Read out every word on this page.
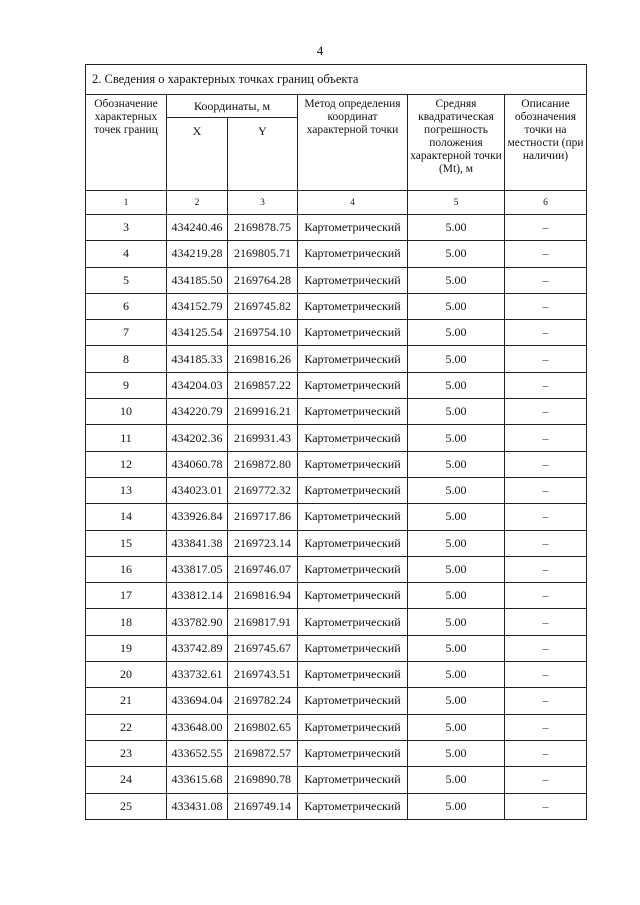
4
2. Сведения о характерных точках границ объекта					
Обозначение характерных точек границ	Координаты, м		Метод определения координат характерной точки	Средняя квадратическая погрешность положения характерной точки (Mt), м	Описание обозначения точки на местности (при наличии)
	X	Y			
1	2	3	4	5	6
3	434240.46	2169878.75	Картометрический	5.00	–
4	434219.28	2169805.71	Картометрический	5.00	–
5	434185.50	2169764.28	Картометрический	5.00	–
6	434152.79	2169745.82	Картометрический	5.00	–
7	434125.54	2169754.10	Картометрический	5.00	–
8	434185.33	2169816.26	Картометрический	5.00	–
9	434204.03	2169857.22	Картометрический	5.00	–
10	434220.79	2169916.21	Картометрический	5.00	–
11	434202.36	2169931.43	Картометрический	5.00	–
12	434060.78	2169872.80	Картометрический	5.00	–
13	434023.01	2169772.32	Картометрический	5.00	–
14	433926.84	2169717.86	Картометрический	5.00	–
15	433841.38	2169723.14	Картометрический	5.00	–
16	433817.05	2169746.07	Картометрический	5.00	–
17	433812.14	2169816.94	Картометрический	5.00	–
18	433782.90	2169817.91	Картометрический	5.00	–
19	433742.89	2169745.67	Картометрический	5.00	–
20	433732.61	2169743.51	Картометрический	5.00	–
21	433694.04	2169782.24	Картометрический	5.00	–
22	433648.00	2169802.65	Картометрический	5.00	–
23	433652.55	2169872.57	Картометрический	5.00	–
24	433615.68	2169890.78	Картометрический	5.00	–
25	433431.08	2169749.14	Картометрический	5.00	–
